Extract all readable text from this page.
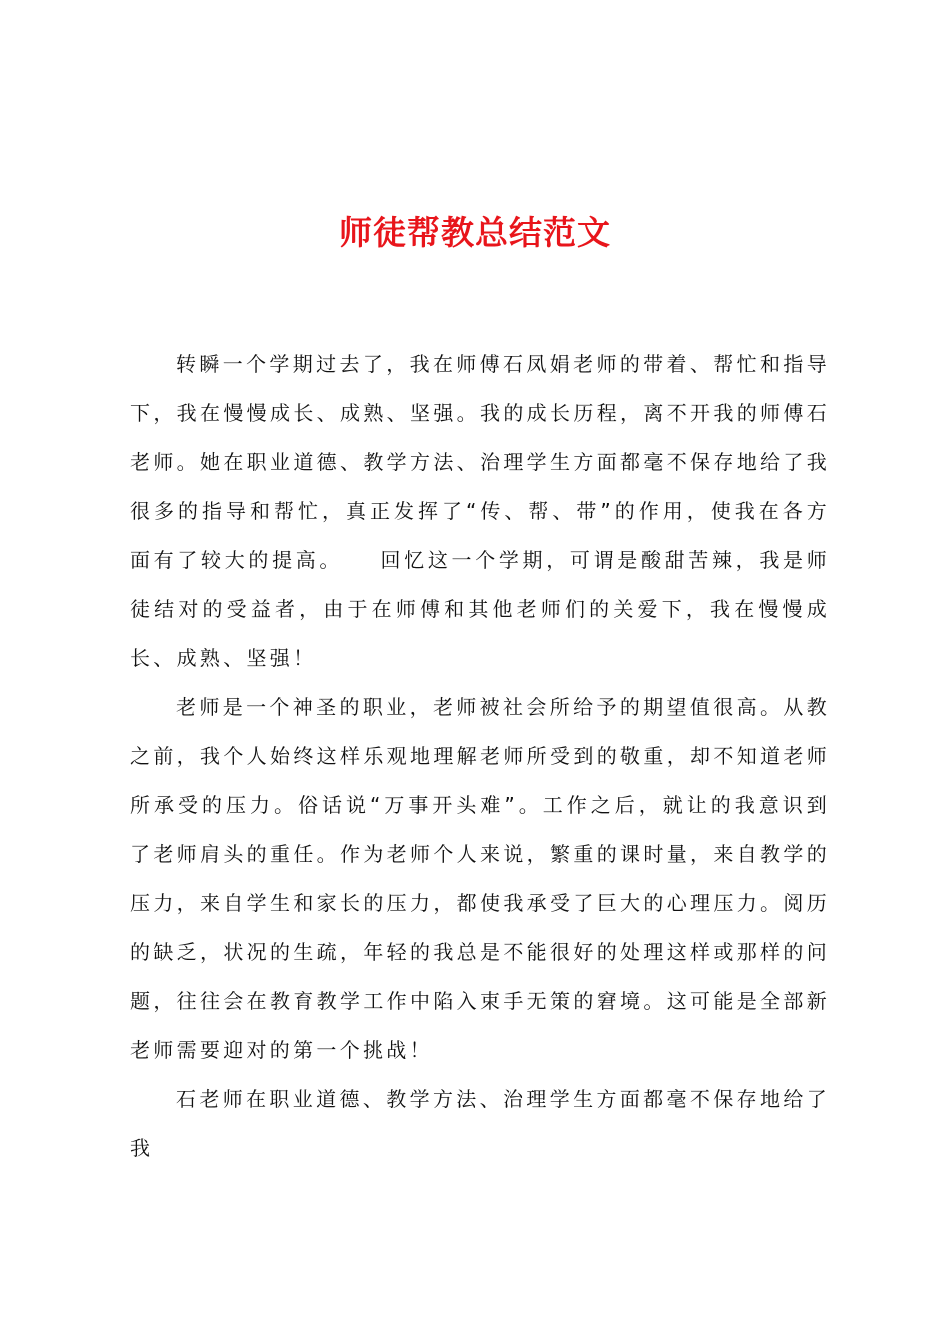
师徒帮教总结范文

转瞬一个学期过去了，我在师傅石凤娟老师的带着、帮忙和指导下，我在慢慢成长、成熟、坚强。我的成长历程，离不开我的师傅石老师。她在职业道德、教学方法、治理学生方面都毫不保存地给了我很多的指导和帮忙，真正发挥了“传、帮、带”的作用，使我在各方面有了较大的提高。　　回忆这一个学期，可谓是酸甜苦辣，我是师徒结对的受益者，由于在师傅和其他老师们的关爱下，我在慢慢成长、成熟、坚强！

老师是一个神圣的职业，老师被社会所给予的期望值很高。从教之前，我个人始终这样乐观地理解老师所受到的敬重，却不知道老师所承受的压力。俗话说“万事开头难”。工作之后，就让的我意识到了老师肩头的重任。作为老师个人来说，繁重的课时量，来自教学的压力，来自学生和家长的压力，都使我承受了巨大的心理压力。阅历的缺乏，状况的生疏，年轻的我总是不能很好的处理这样或那样的问题，往往会在教育教学工作中陷入束手无策的窘境。这可能是全部新老师需要迎对的第一个挑战！

石老师在职业道德、教学方法、治理学生方面都毫不保存地给了我
